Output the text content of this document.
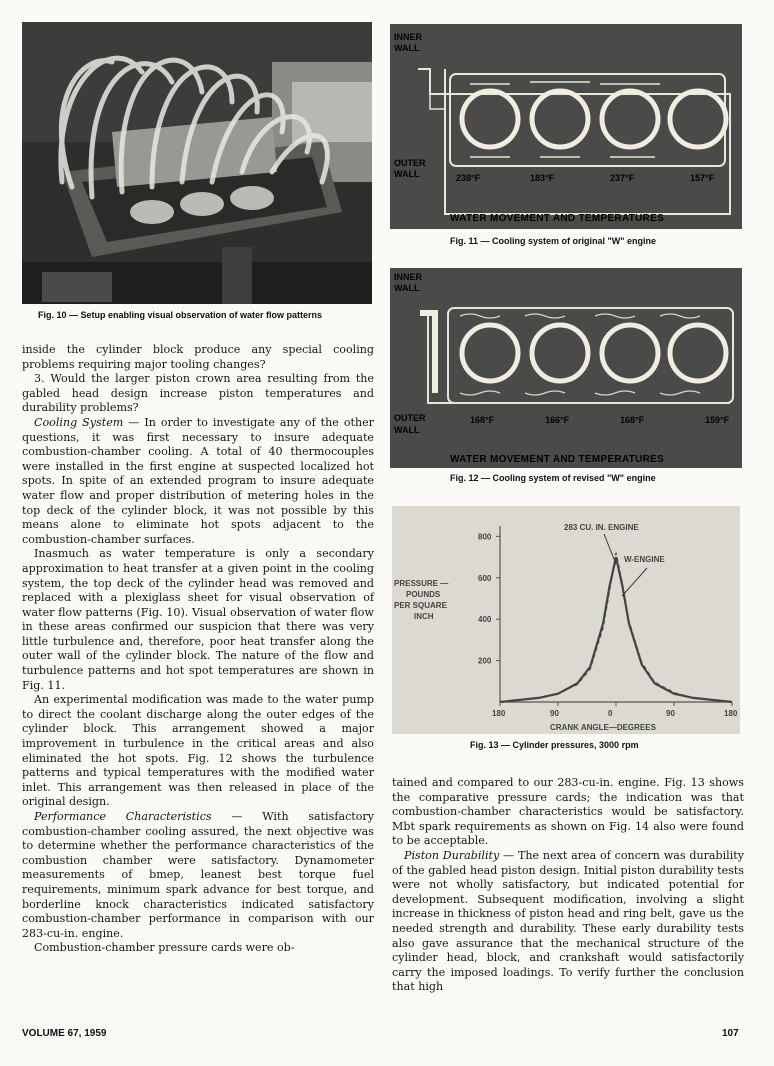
Fig. 10 — Setup enabling visual observation of water flow patterns
INNER
WALL
OUTER
WALL	238°F	183°F	237°F	157°F
WATER MOVEMENT AND TEMPERATURES
Fig. 11 — Cooling system of original "W" engine
INNER
WALL
OUTER
WALL
168°F	166°F	168°F	159°F
WATER MOVEMENT AND TEMPERATURES
Fig. 12 — Cooling system of revised "W" engine
200
400
600
800
180	90	0	90	180
PRESSURE —
POUNDS
PER SQUARE
INCH
CRANK ANGLE—DEGREES
283 CU. IN. ENGINE
W-ENGINE
Fig. 13 — Cylinder pressures, 3000 rpm

inside the cylinder block produce any special cooling problems requiring major tooling changes?

3. Would the larger piston crown area resulting from the gabled head design increase piston temperatures and durability problems?

Cooling System — In order to investigate any of the other questions, it was first necessary to insure adequate combustion-chamber cooling. A total of 40 thermocouples were installed in the first engine at suspected localized hot spots. In spite of an extended program to insure adequate water flow and proper distribution of metering holes in the top deck of the cylinder block, it was not possible by this means alone to eliminate hot spots adjacent to the combustion-chamber surfaces.

Inasmuch as water temperature is only a secondary approximation to heat transfer at a given point in the cooling system, the top deck of the cylinder head was removed and replaced with a plexiglass sheet for visual observation of water flow patterns (Fig. 10). Visual observation of water flow in these areas confirmed our suspicion that there was very little turbulence and, therefore, poor heat transfer along the outer wall of the cylinder block. The nature of the flow and turbulence patterns and hot spot temperatures are shown in Fig. 11.

An experimental modification was made to the water pump to direct the coolant discharge along the outer edges of the cylinder block. This arrangement showed a major improvement in turbulence in the critical areas and also eliminated the hot spots. Fig. 12 shows the turbulence patterns and typical temperatures with the modified water inlet. This arrangement was then released in place of the original design.

Performance Characteristics — With satisfactory combustion-chamber cooling assured, the next objective was to determine whether the performance characteristics of the combustion chamber were satisfactory. Dynamometer measurements of bmep, leanest best torque fuel requirements, minimum spark advance for best torque, and borderline knock characteristics indicated satisfactory combustion-chamber performance in comparison with our 283-cu-in. engine.

Combustion-chamber pressure cards were ob-

tained and compared to our 283-cu-in. engine. Fig. 13 shows the comparative pressure cards; the indication was that combustion-chamber characteristics would be satisfactory. Mbt spark requirements as shown on Fig. 14 also were found to be acceptable.

Piston Durability — The next area of concern was durability of the gabled head piston design. Initial piston durability tests were not wholly satisfactory, but indicated potential for development. Subsequent modification, involving a slight increase in thickness of piston head and ring belt, gave us the needed strength and durability. These early durability tests also gave assurance that the mechanical structure of the cylinder head, block, and crankshaft would satisfactorily carry the imposed loadings. To verify further the conclusion that high

VOLUME 67, 1959	107
